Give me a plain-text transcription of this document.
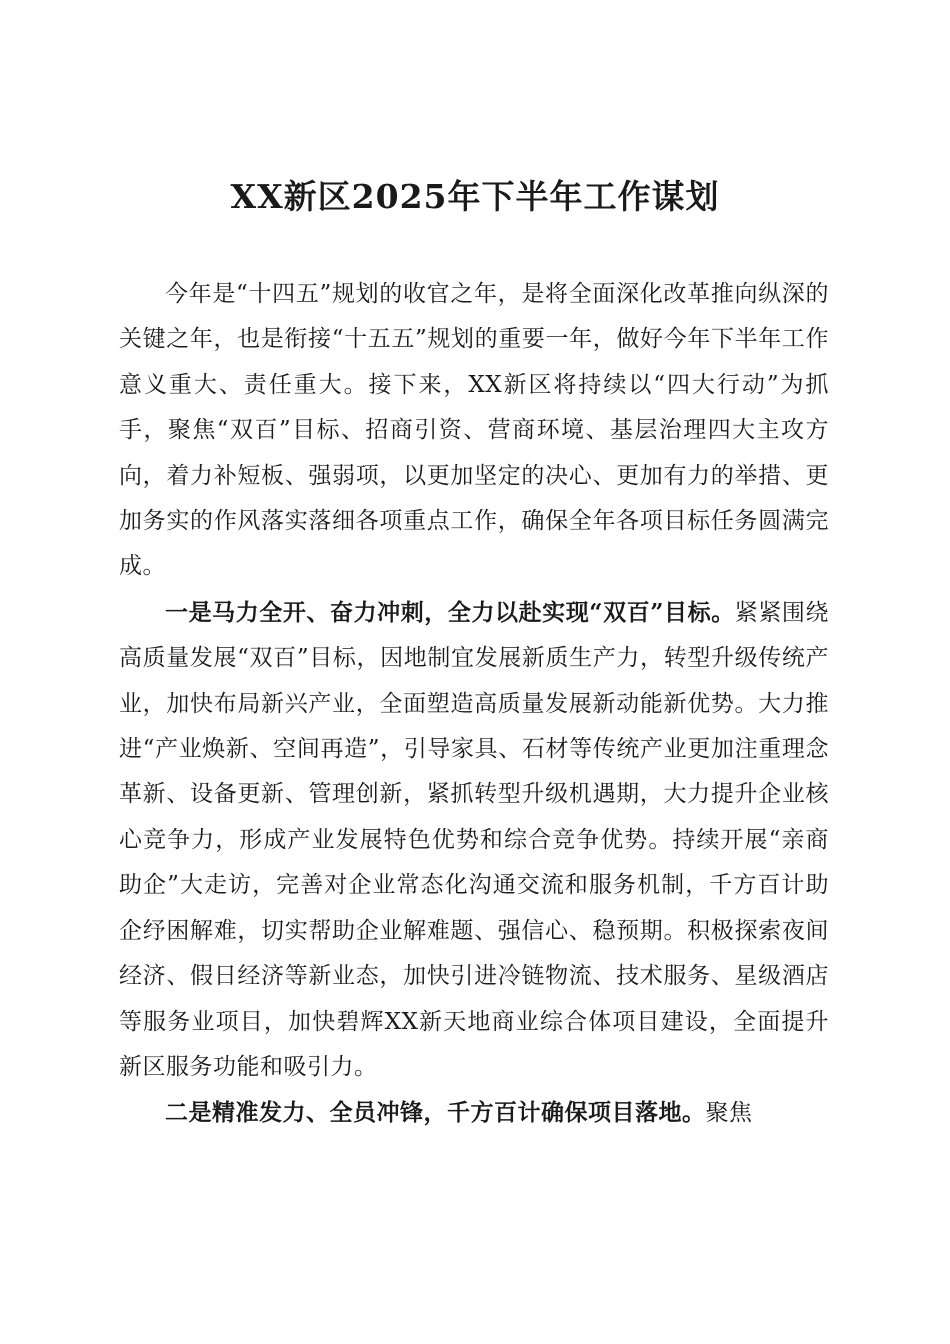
XX新区2025年下半年工作谋划

今年是“十四五”规划的收官之年，是将全面深化改革推向纵深的关键之年，也是衔接“十五五”规划的重要一年，做好今年下半年工作意义重大、责任重大。接下来，XX新区将持续以“四大行动”为抓手，聚焦“双百”目标、招商引资、营商环境、基层治理四大主攻方向，着力补短板、强弱项，以更加坚定的决心、更加有力的举措、更加务实的作风落实落细各项重点工作，确保全年各项目标任务圆满完成。

一是马力全开、奋力冲刺，全力以赴实现“双百”目标。紧紧围绕高质量发展“双百”目标，因地制宜发展新质生产力，转型升级传统产业，加快布局新兴产业，全面塑造高质量发展新动能新优势。大力推进“产业焕新、空间再造”，引导家具、石材等传统产业更加注重理念革新、设备更新、管理创新，紧抓转型升级机遇期，大力提升企业核心竞争力，形成产业发展特色优势和综合竞争优势。持续开展“亲商助企”大走访，完善对企业常态化沟通交流和服务机制，千方百计助企纾困解难，切实帮助企业解难题、强信心、稳预期。积极探索夜间经济、假日经济等新业态，加快引进冷链物流、技术服务、星级酒店等服务业项目，加快碧辉XX新天地商业综合体项目建设，全面提升新区服务功能和吸引力。

二是精准发力、全员冲锋，千方百计确保项目落地。聚焦
